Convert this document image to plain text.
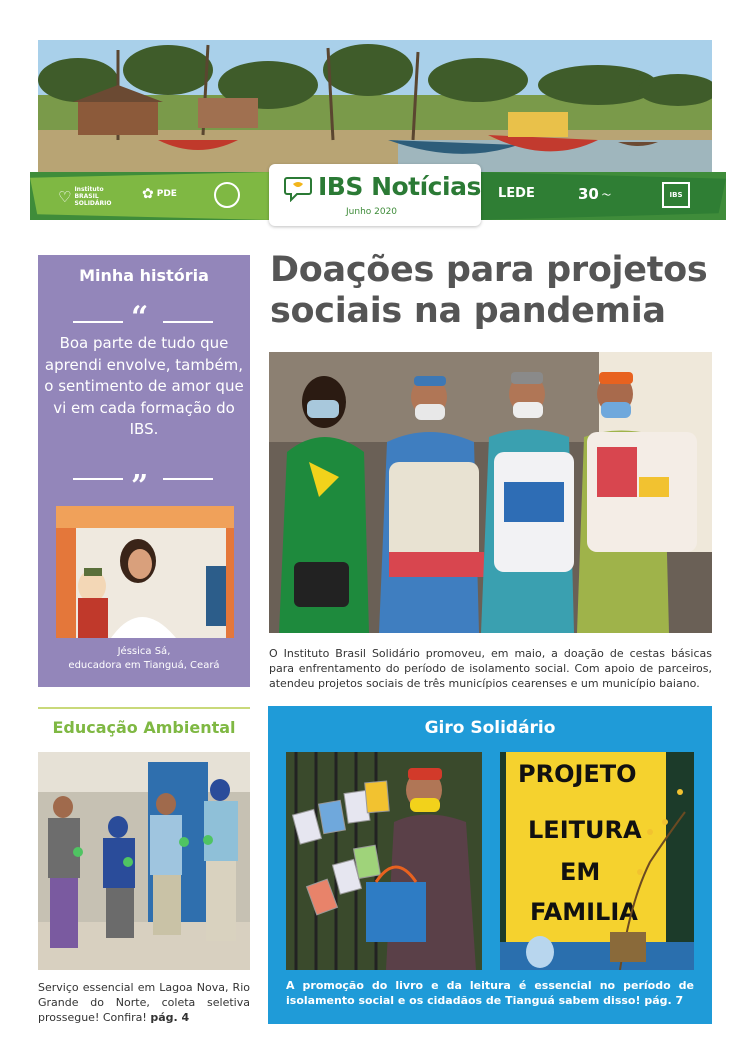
♡ Instituto BRASIL SOLIDÁRIO
✿ PDE	LEDE	30 〜	IBS
IBS Notícias
Junho 2020
Minha história
“
Boa parte de tudo que aprendi envolve, também, o sentimento de amor que vi em cada formação do IBS.
”
Jéssica Sá,
educadora em Tianguá, Ceará
Doações para projetos sociais na pandemia
O Instituto Brasil Solidário promoveu, em maio, a doação de cestas básicas para enfrentamento do período de isolamento social. Com apoio de parceiros, atendeu projetos sociais de três municípios cearenses e um município baiano.
Educação Ambiental
Serviço essencial em Lagoa Nova, Rio Grande do Norte, coleta seletiva prossegue! Confira! pág. 4
Giro Solidário
PROJETO
LEITURA
EM
FAMILIA
A promoção do livro e da leitura é essencial no período de isolamento social e os cidadãos de Tianguá sabem disso! pág. 7
